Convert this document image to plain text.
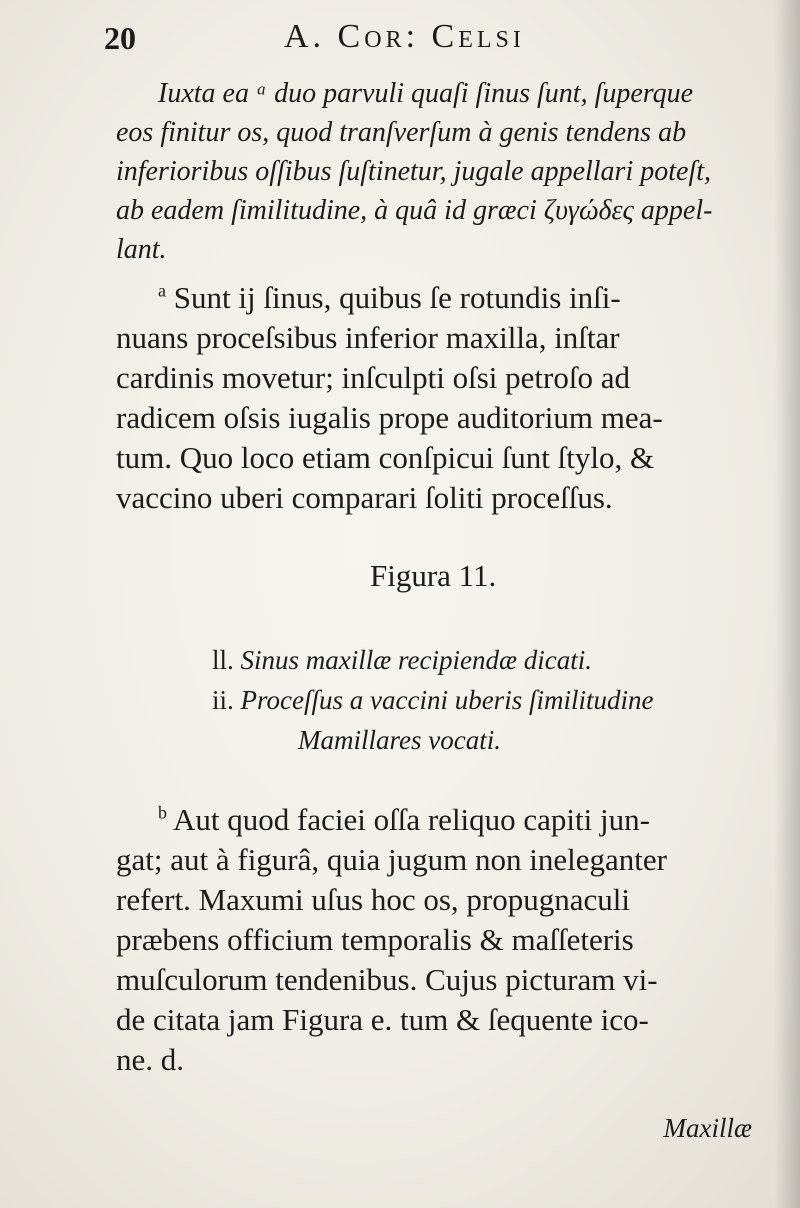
20	A. Cor: Celsi
Iuxta ea ᵃ duo parvuli quaſi ſinus ſunt, ſuperque
eos finitur os, quod tranſverſum à genis tendens ab
inferioribus oſſibus ſuſtinetur, jugale appellari poteſt,
ab eadem ſimilitudine, à quâ id græci ζυγώδες appel-
lant.
$^a$ Sunt ij ſinus, quibus ſe rotundis inſi-
nuans proceſsibus inferior maxilla, inſtar
cardinis movetur; inſculpti oſsi petroſo ad
radicem oſsis iugalis prope auditorium mea-
tum. Quo loco etiam conſpicui ſunt ſtylo, &
vaccino uberi comparari ſoliti proceſſus.
Figura 11.
ll. Sinus maxillæ recipiendæ dicati.
ii. Proceſſus a vaccini uberis ſimilitudine
Mamillares vocati.
$^b$ Aut quod faciei oſſa reliquo capiti jun-
gat; aut à figurâ, quia jugum non ineleganter
refert. Maxumi uſus hoc os, propugnaculi
præbens officium temporalis & maſſeteris
muſculorum tendenibus. Cujus picturam vi-
de citata jam Figura e. tum & ſequente ico-
ne. d.
Maxillæ
